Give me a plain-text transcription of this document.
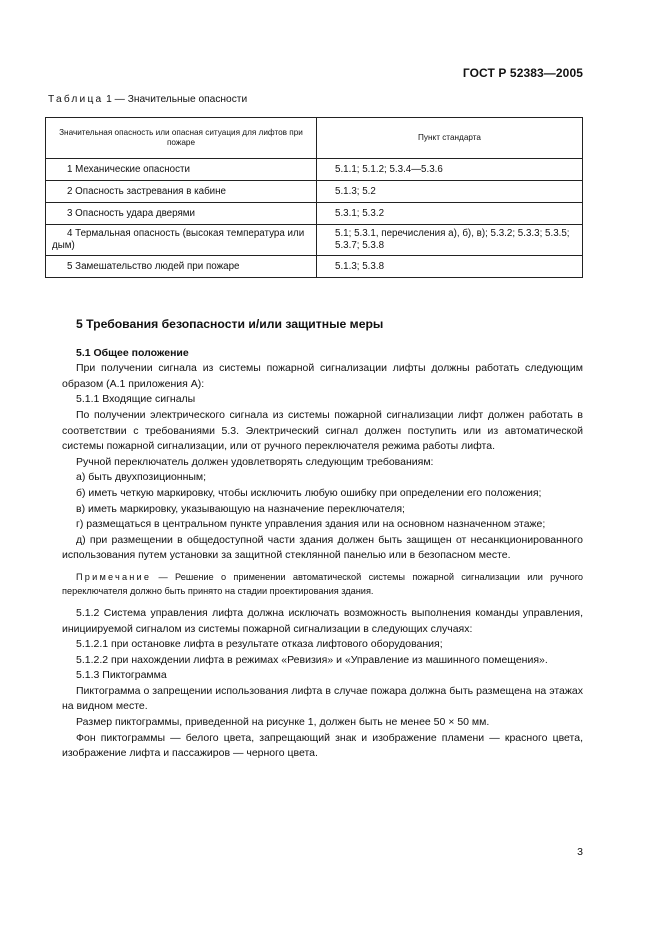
ГОСТ Р 52383—2005
Таблица 1 — Значительные опасности
Значительная опасность или опасная ситуация для лифтов при пожаре	Пункт стандарта
1 Механические опасности	5.1.1; 5.1.2; 5.3.4—5.3.6
2 Опасность застревания в кабине	5.1.3; 5.2
3 Опасность удара дверями	5.3.1; 5.3.2
4 Термальная опасность (высокая температура или дым)	5.1; 5.3.1, перечисления а), б), в); 5.3.2; 5.3.3; 5.3.5; 5.3.7; 5.3.8
5 Замешательство людей при пожаре	5.1.3; 5.3.8
5 Требования безопасности и/или защитные меры
5.1 Общее положение

При получении сигнала из системы пожарной сигнализации лифты должны работать следующим образом (А.1 приложения А):

5.1.1 Входящие сигналы

По получении электрического сигнала из системы пожарной сигнализации лифт должен работать в соответствии с требованиями 5.3. Электрический сигнал должен поступить или из автоматической системы пожарной сигнализации, или от ручного переключателя режима работы лифта.

Ручной переключатель должен удовлетворять следующим требованиям:

а) быть двухпозиционным;

б) иметь четкую маркировку, чтобы исключить любую ошибку при определении его положения;

в) иметь маркировку, указывающую на назначение переключателя;

г) размещаться в центральном пункте управления здания или на основном назначенном этаже;

д) при размещении в общедоступной части здания должен быть защищен от несанкционированного использования путем установки за защитной стеклянной панелью или в безопасном месте.

Примечание — Решение о применении автоматической системы пожарной сигнализации или ручного переключателя должно быть принято на стадии проектирования здания.

5.1.2 Система управления лифта должна исключать возможность выполнения команды управления, инициируемой сигналом из системы пожарной сигнализации в следующих случаях:

5.1.2.1 при остановке лифта в результате отказа лифтового оборудования;

5.1.2.2 при нахождении лифта в режимах «Ревизия» и «Управление из машинного помещения».

5.1.3 Пиктограмма

Пиктограмма о запрещении использования лифта в случае пожара должна быть размещена на этажах на видном месте.

Размер пиктограммы, приведенной на рисунке 1, должен быть не менее 50 × 50 мм.

Фон пиктограммы — белого цвета, запрещающий знак и изображение пламени — красного цвета, изображение лифта и пассажиров — черного цвета.

3
